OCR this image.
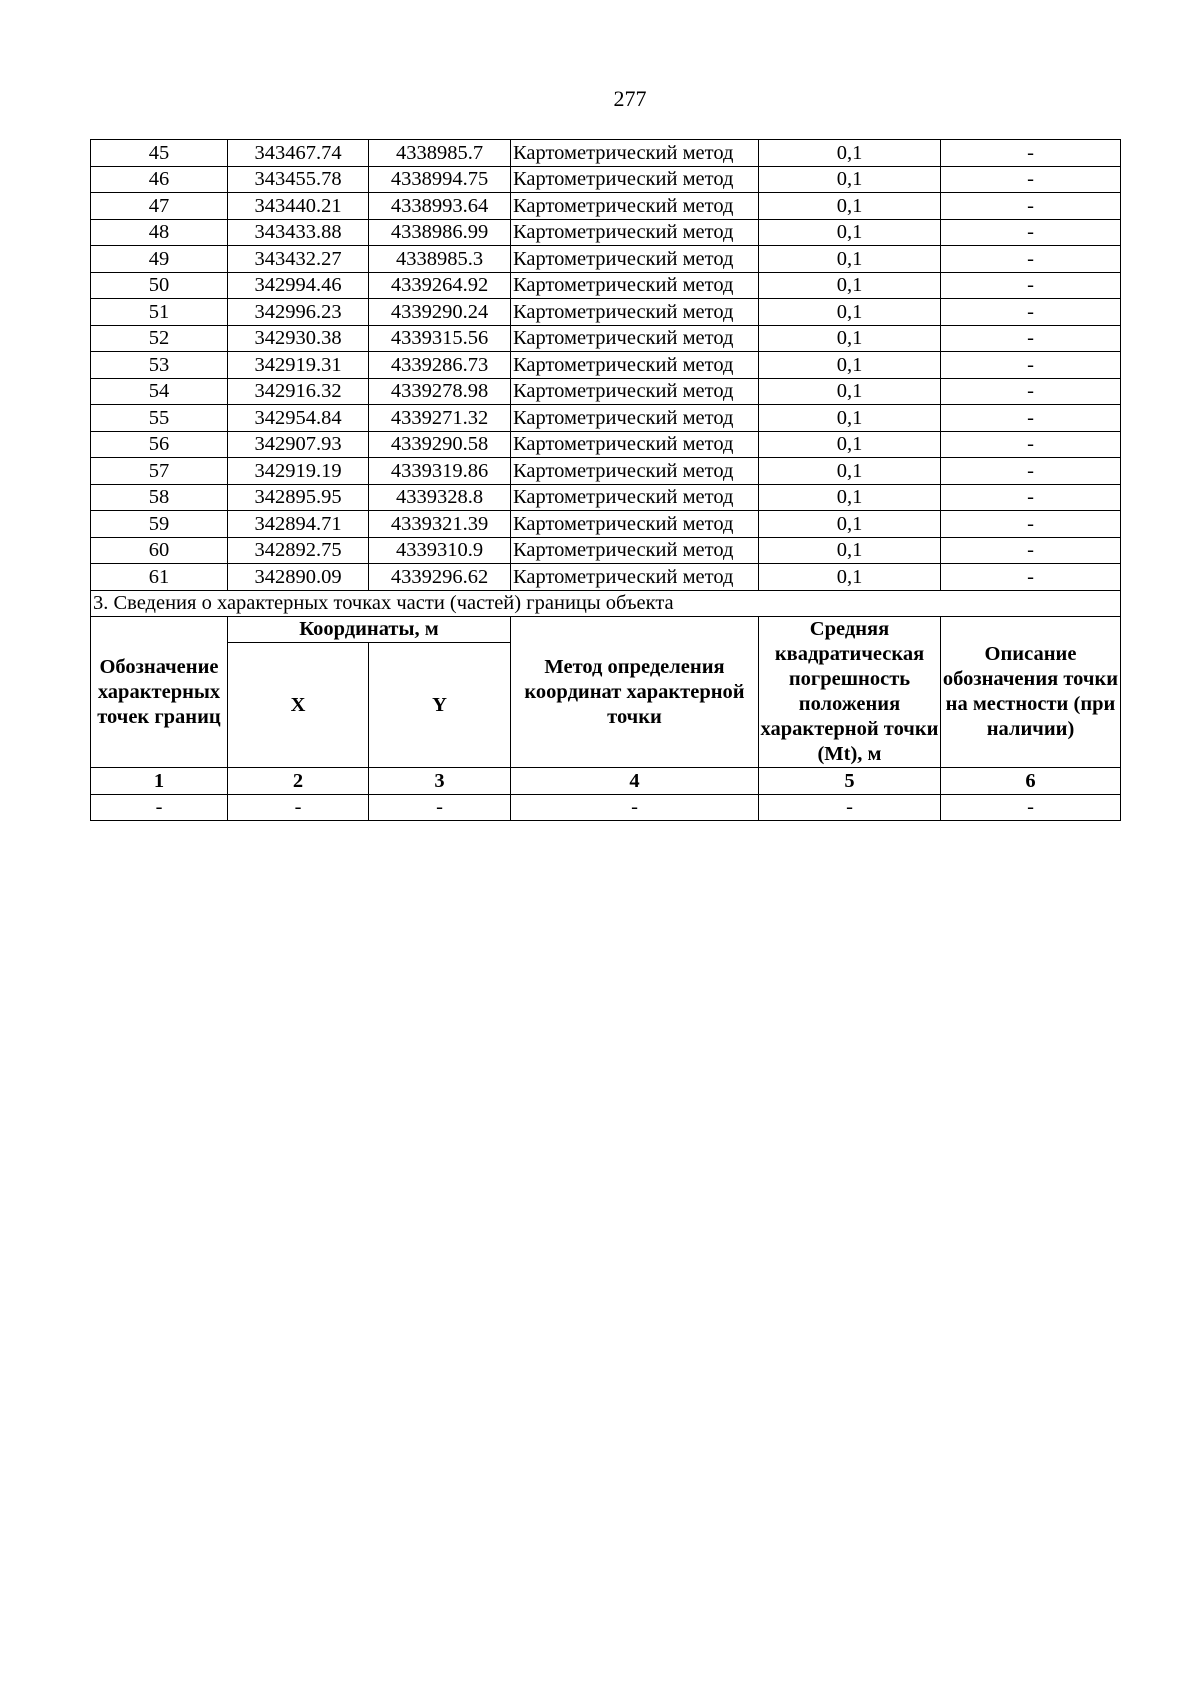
277
45	343467.74	4338985.7	Картометрический метод	0,1	-
46	343455.78	4338994.75	Картометрический метод	0,1	-
47	343440.21	4338993.64	Картометрический метод	0,1	-
48	343433.88	4338986.99	Картометрический метод	0,1	-
49	343432.27	4338985.3	Картометрический метод	0,1	-
50	342994.46	4339264.92	Картометрический метод	0,1	-
51	342996.23	4339290.24	Картометрический метод	0,1	-
52	342930.38	4339315.56	Картометрический метод	0,1	-
53	342919.31	4339286.73	Картометрический метод	0,1	-
54	342916.32	4339278.98	Картометрический метод	0,1	-
55	342954.84	4339271.32	Картометрический метод	0,1	-
56	342907.93	4339290.58	Картометрический метод	0,1	-
57	342919.19	4339319.86	Картометрический метод	0,1	-
58	342895.95	4339328.8	Картометрический метод	0,1	-
59	342894.71	4339321.39	Картометрический метод	0,1	-
60	342892.75	4339310.9	Картометрический метод	0,1	-
61	342890.09	4339296.62	Картометрический метод	0,1	-
3. Сведения о характерных точках части (частей) границы объекта					
Обозначение характерных точек границ	Координаты, м		Метод определения координат характерной точки	Средняя квадратическая погрешность положения характерной точки (Mt), м	Описание обозначения точки на местности (при наличии)
	X	Y			
1	2	3	4	5	6
-	-	-	-	-	-
